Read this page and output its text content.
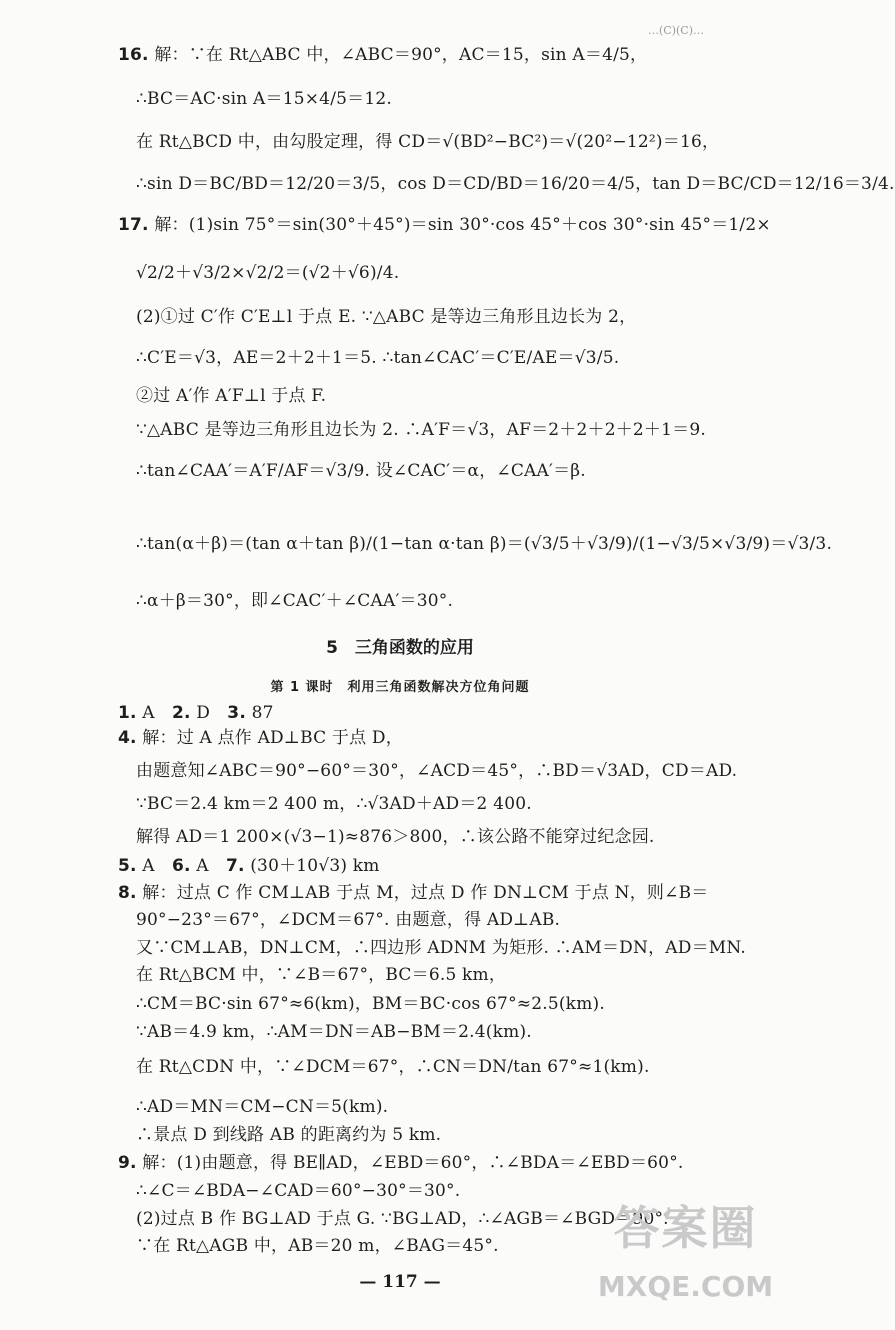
…(C)(C)…
16. 解：∵在 Rt△ABC 中，∠ABC＝90°，AC＝15，sin A＝4/5，
∴BC＝AC·sin A＝15×4/5＝12.
在 Rt△BCD 中，由勾股定理，得 CD＝√(BD²−BC²)＝√(20²−12²)＝16，
∴sin D＝BC/BD＝12/20＝3/5，cos D＝CD/BD＝16/20＝4/5，tan D＝BC/CD＝12/16＝3/4.
17. 解：(1)sin 75°＝sin(30°＋45°)＝sin 30°·cos 45°＋cos 30°·sin 45°＝1/2×
√2/2＋√3/2×√2/2＝(√2＋√6)/4.
(2)①过 C′作 C′E⊥l 于点 E. ∵△ABC 是等边三角形且边长为 2，
∴C′E＝√3，AE＝2＋2＋1＝5. ∴tan∠CAC′＝C′E/AE＝√3/5.
②过 A′作 A′F⊥l 于点 F.
∵△ABC 是等边三角形且边长为 2. ∴A′F＝√3，AF＝2＋2＋2＋2＋1＝9.
∴tan∠CAA′＝A′F/AF＝√3/9. 设∠CAC′＝α，∠CAA′＝β.
∴tan(α＋β)＝(tan α＋tan β)/(1−tan α·tan β)＝(√3/5＋√3/9)/(1−√3/5×√3/9)＝√3/3.
∴α＋β＝30°，即∠CAC′＋∠CAA′＝30°.
5　三角函数的应用
第 1 课时　利用三角函数解决方位角问题
1. A　2. D　3. 87
4. 解：过 A 点作 AD⊥BC 于点 D，
由题意知∠ABC＝90°−60°＝30°，∠ACD＝45°，∴BD＝√3AD，CD＝AD.
∵BC＝2.4 km＝2 400 m，∴√3AD＋AD＝2 400.
解得 AD＝1 200×(√3−1)≈876＞800，∴该公路不能穿过纪念园.
5. A　6. A　7. (30＋10√3) km
8. 解：过点 C 作 CM⊥AB 于点 M，过点 D 作 DN⊥CM 于点 N，则∠B＝
90°−23°＝67°，∠DCM＝67°. 由题意，得 AD⊥AB.
又∵CM⊥AB，DN⊥CM，∴四边形 ADNM 为矩形. ∴AM＝DN，AD＝MN.
在 Rt△BCM 中，∵∠B＝67°，BC＝6.5 km，
∴CM＝BC·sin 67°≈6(km)，BM＝BC·cos 67°≈2.5(km).
∵AB＝4.9 km，∴AM＝DN＝AB−BM＝2.4(km).
在 Rt△CDN 中，∵∠DCM＝67°，∴CN＝DN/tan 67°≈1(km).
∴AD＝MN＝CM−CN＝5(km).
∴景点 D 到线路 AB 的距离约为 5 km.
9. 解：(1)由题意，得 BE∥AD，∠EBD＝60°，∴∠BDA＝∠EBD＝60°.
∴∠C＝∠BDA−∠CAD＝60°−30°＝30°.
(2)过点 B 作 BG⊥AD 于点 G. ∵BG⊥AD，∴∠AGB＝∠BGD＝90°.
∵在 Rt△AGB 中，AB＝20 m，∠BAG＝45°.
— 117 —
答案圈
MXQE.COM
